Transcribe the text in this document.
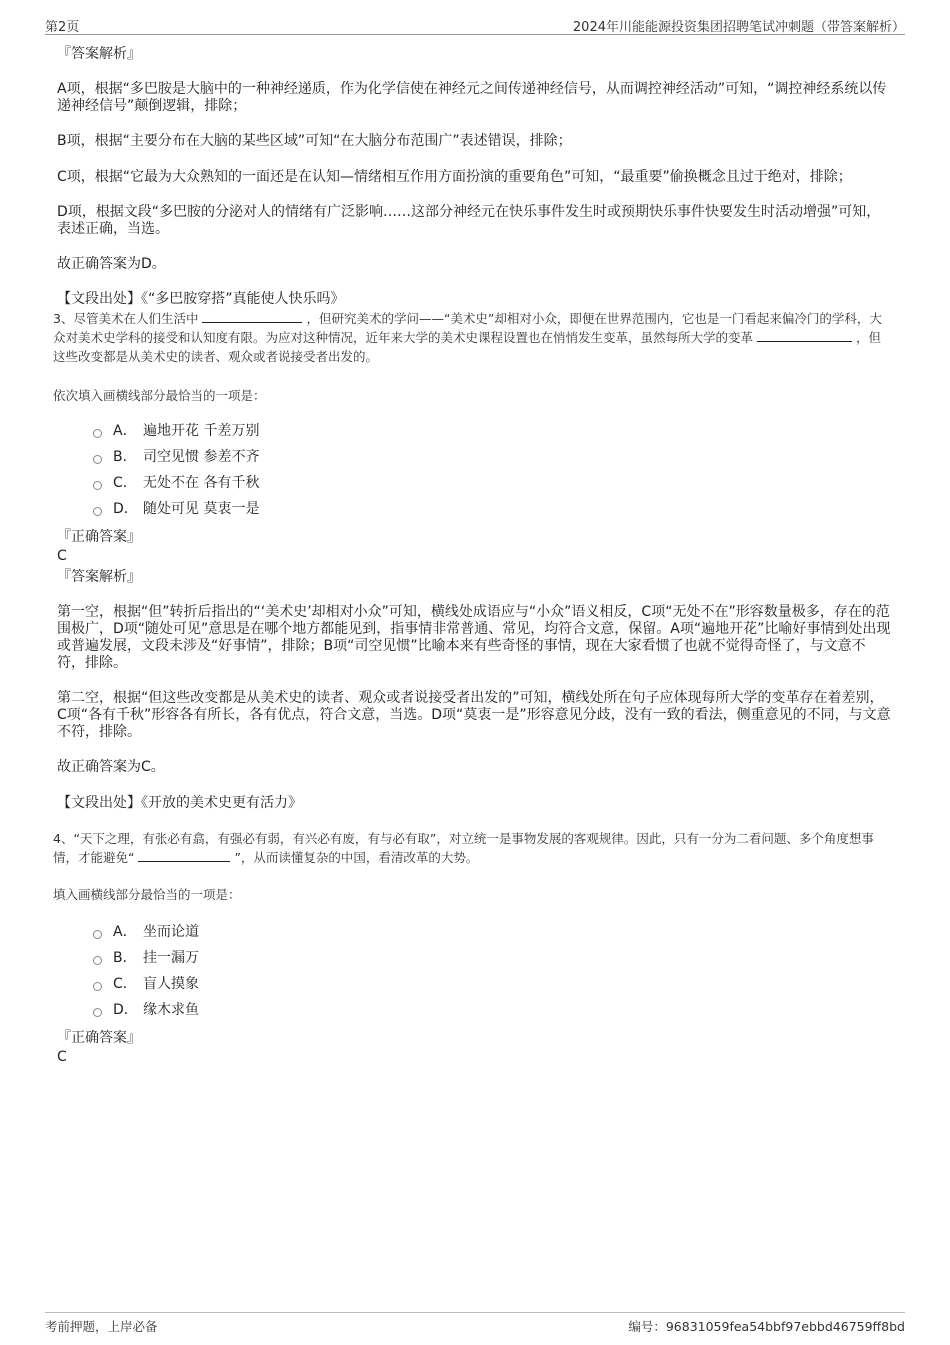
第2页	2024年川能能源投资集团招聘笔试冲刺题（带答案解析）
『答案解析』

A项，根据“多巴胺是大脑中的一种神经递质，作为化学信使在神经元之间传递神经信号，从而调控神经活动”可知，“调控神经系统以传递神经信号”颠倒逻辑，排除；

B项，根据“主要分布在大脑的某些区域”可知“在大脑分布范围广”表述错误，排除；

C项，根据“它最为大众熟知的一面还是在认知—情绪相互作用方面扮演的重要角色”可知，“最重要”偷换概念且过于绝对，排除；

D项，根据文段“多巴胺的分泌对人的情绪有广泛影响……这部分神经元在快乐事件发生时或预期快乐事件快要发生时活动增强”可知，表述正确，当选。

故正确答案为D。

【文段出处】《“多巴胺穿搭”真能使人快乐吗》

3、尽管美术在人们生活中	，但研究美术的学问——“美术史”却相对小众，即便在世界范围内，它也是一门看起来偏冷门的学科，大众对美术史学科的接受和认知度有限。为应对这种情况，近年来大学的美术史课程设置也在悄悄发生变革，虽然每所大学的变革	，但这些改变都是从美术史的读者、观众或者说接受者出发的。

依次填入画横线部分最恰当的一项是：

A． 遍地开花 千差万别
B． 司空见惯 参差不齐
C． 无处不在 各有千秋
D． 随处可见 莫衷一是
『正确答案』
C
『答案解析』

第一空，根据“但”转折后指出的“‘美术史’却相对小众”可知，横线处成语应与“小众”语义相反，C项“无处不在”形容数量极多，存在的范围极广，D项“随处可见”意思是在哪个地方都能见到，指事情非常普通、常见，均符合文意，保留。A项“遍地开花”比喻好事情到处出现或普遍发展，文段未涉及“好事情”，排除；B项“司空见惯”比喻本来有些奇怪的事情，现在大家看惯了也就不觉得奇怪了，与文意不符，排除。

第二空，根据“但这些改变都是从美术史的读者、观众或者说接受者出发的”可知，横线处所在句子应体现每所大学的变革存在着差别，C项“各有千秋”形容各有所长，各有优点，符合文意，当选。D项“莫衷一是”形容意见分歧，没有一致的看法，侧重意见的不同，与文意不符，排除。

故正确答案为C。

【文段出处】《开放的美术史更有活力》

4、“天下之理，有张必有翕，有强必有弱，有兴必有废，有与必有取”，对立统一是事物发展的客观规律。因此，只有一分为二看问题、多个角度想事情，才能避免“	”，从而读懂复杂的中国，看清改革的大势。

填入画横线部分最恰当的一项是：

A． 坐而论道
B． 挂一漏万
C． 盲人摸象
D． 缘木求鱼
『正确答案』
C
考前押题，上岸必备	编号：96831059fea54bbf97ebbd46759ff8bd
